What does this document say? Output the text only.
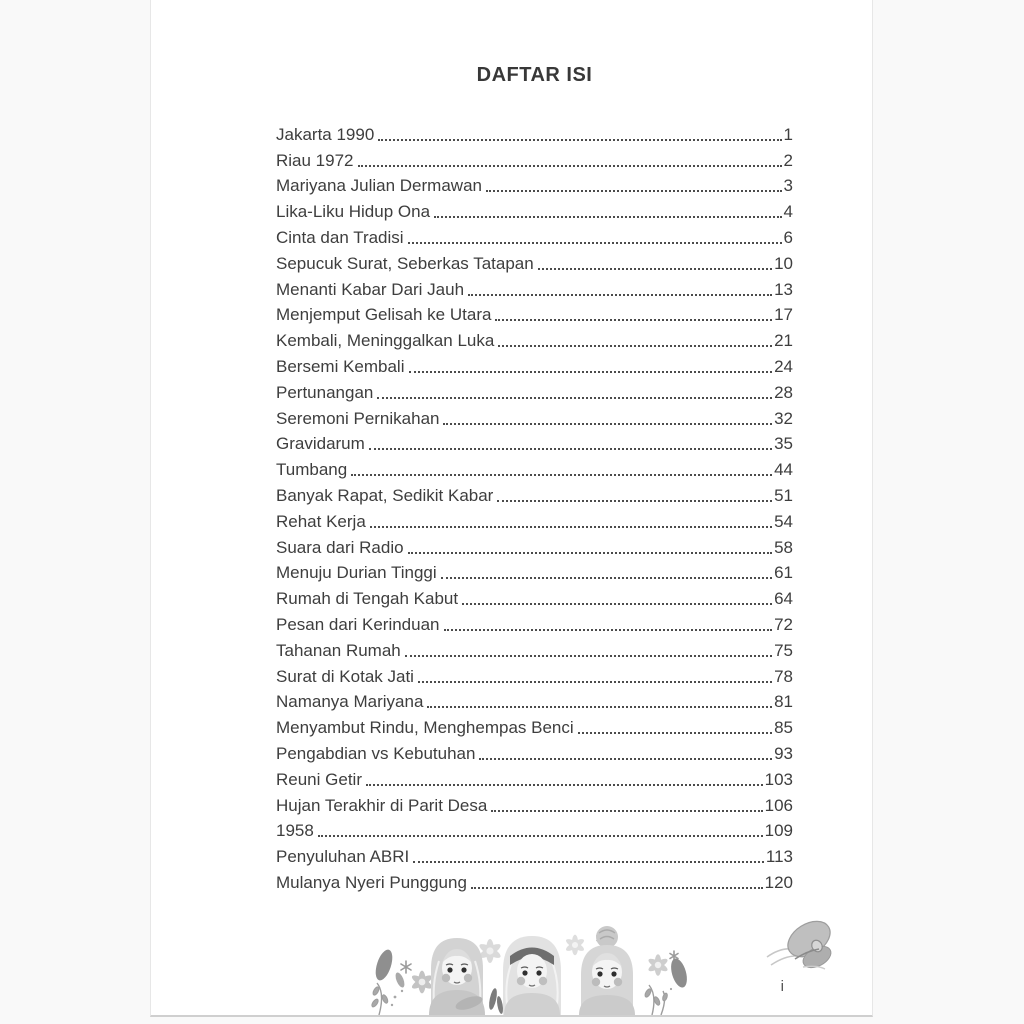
DAFTAR ISI
Jakarta 1990	1
Riau 1972	2
Mariyana Julian Dermawan	3
Lika-Liku Hidup Ona	4
Cinta dan Tradisi	6
Sepucuk Surat, Seberkas Tatapan	10
Menanti Kabar Dari Jauh	13
Menjemput Gelisah ke Utara	17
Kembali, Meninggalkan Luka	21
Bersemi Kembali	24
Pertunangan	28
Seremoni Pernikahan	32
Gravidarum	35
Tumbang	44
Banyak Rapat, Sedikit Kabar	51
Rehat Kerja	54
Suara dari Radio	58
Menuju Durian Tinggi	61
Rumah di Tengah Kabut	64
Pesan dari Kerinduan	72
Tahanan Rumah	75
Surat di Kotak Jati	78
Namanya Mariyana	81
Menyambut Rindu, Menghempas Benci	85
Pengabdian vs Kebutuhan	93
Reuni Getir	103
Hujan Terakhir di Parit Desa	106
1958	109
Penyuluhan ABRI	113
Mulanya Nyeri Punggung	120
i
